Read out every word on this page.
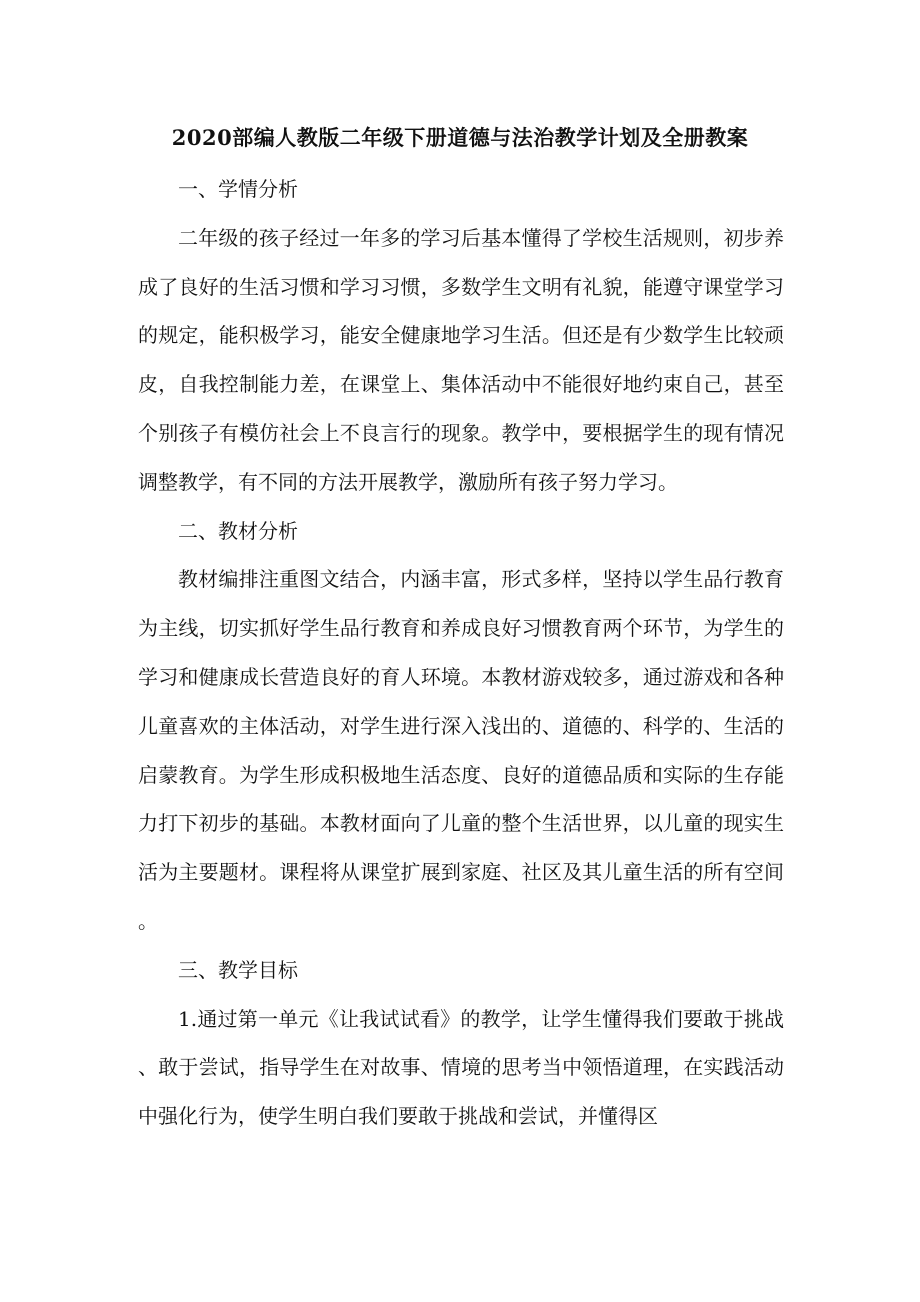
2020部编人教版二年级下册道德与法治教学计划及全册教案
一、学情分析

二年级的孩子经过一年多的学习后基本懂得了学校生活规则，初步养成了良好的生活习惯和学习习惯，多数学生文明有礼貌，能遵守课堂学习的规定，能积极学习，能安全健康地学习生活。但还是有少数学生比较顽皮，自我控制能力差，在课堂上、集体活动中不能很好地约束自己，甚至个别孩子有模仿社会上不良言行的现象。教学中，要根据学生的现有情况调整教学，有不同的方法开展教学，激励所有孩子努力学习。

二、教材分析

教材编排注重图文结合，内涵丰富，形式多样，坚持以学生品行教育为主线，切实抓好学生品行教育和养成良好习惯教育两个环节，为学生的学习和健康成长营造良好的育人环境。本教材游戏较多，通过游戏和各种儿童喜欢的主体活动，对学生进行深入浅出的、道德的、科学的、生活的启蒙教育。为学生形成积极地生活态度、良好的道德品质和实际的生存能力打下初步的基础。本教材面向了儿童的整个生活世界，以儿童的现实生活为主要题材。课程将从课堂扩展到家庭、社区及其儿童生活的所有空间。

三、教学目标

1.通过第一单元《让我试试看》的教学，让学生懂得我们要敢于挑战、敢于尝试，指导学生在对故事、情境的思考当中领悟道理，在实践活动中强化行为，使学生明白我们要敢于挑战和尝试，并懂得区
